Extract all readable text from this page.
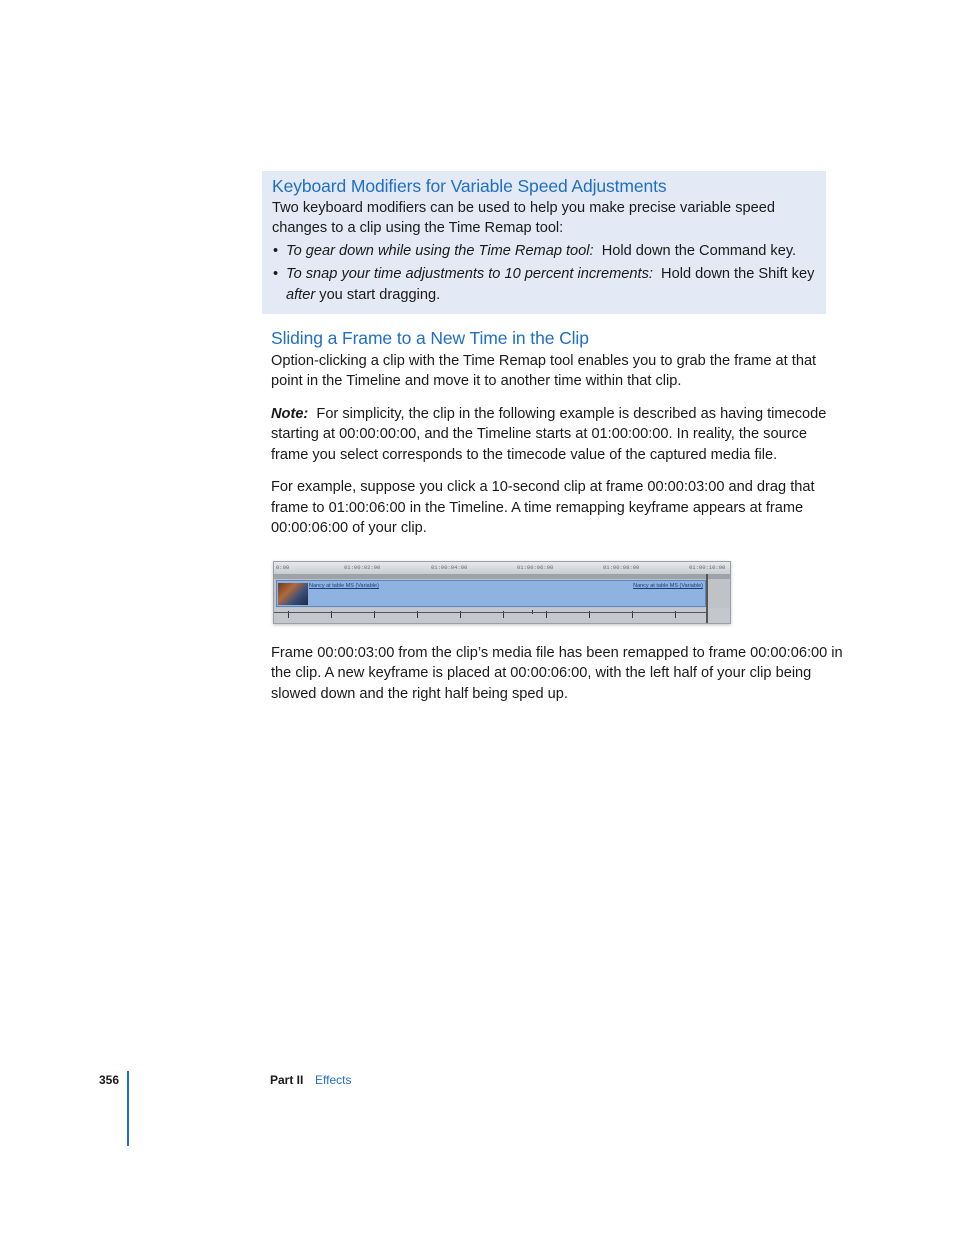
Keyboard Modifiers for Variable Speed Adjustments

Two keyboard modifiers can be used to help you make precise variable speed

changes to a clip using the Time Remap tool:

• To gear down while using the Time Remap tool: Hold down the Command key.
• To snap your time adjustments to 10 percent increments: Hold down the Shift key
after you start dragging.
Sliding a Frame to a New Time in the Clip

Option-clicking a clip with the Time Remap tool enables you to grab the frame at that

point in the Timeline and move it to another time within that clip.

Note: For simplicity, the clip in the following example is described as having timecode

starting at 00:00:00:00, and the Timeline starts at 01:00:00:00. In reality, the source

frame you select corresponds to the timecode value of the captured media file.

For example, suppose you click a 10-second clip at frame 00:00:03:00 and drag that

frame to 01:00:06:00 in the Timeline. A time remapping keyframe appears at frame

00:00:06:00 of your clip.

0:00	01:00:02:00	01:00:04:00	01:00:06:00	01:00:08:00	01:00:10:00
Nancy at table MS (Variable)	Nancy at table MS (Variable)

Frame 00:00:03:00 from the clip’s media file has been remapped to frame 00:00:06:00 in

the clip. A new keyframe is placed at 00:00:06:00, with the left half of your clip being

slowed down and the right half being sped up.

356	Part II Effects
